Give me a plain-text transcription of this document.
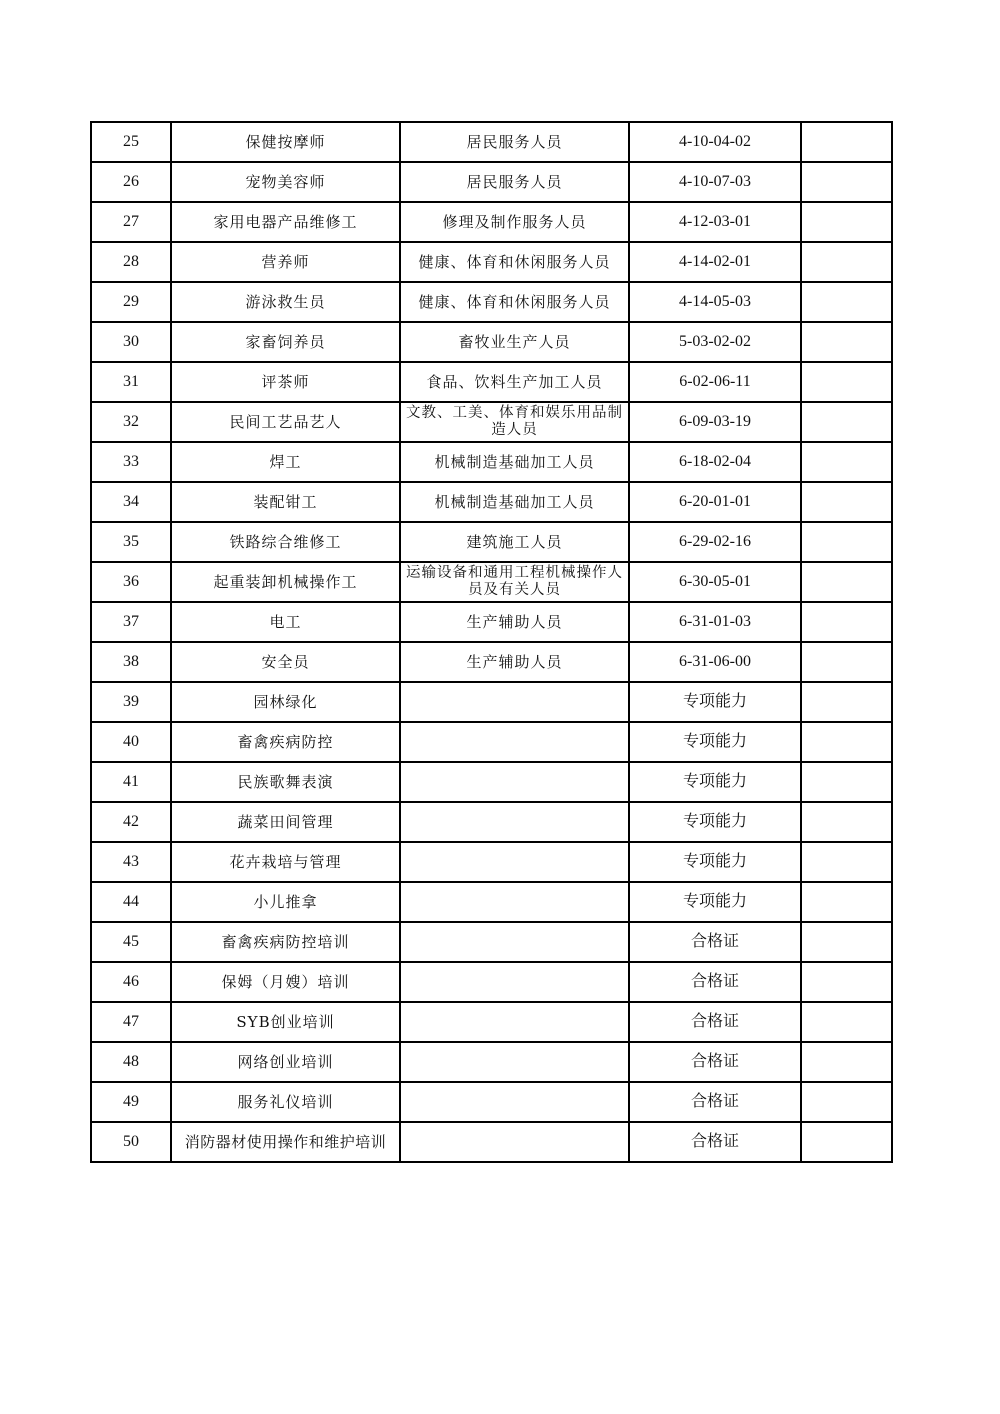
25	保健按摩师	居民服务人员	4-10-04-02	
26	宠物美容师	居民服务人员	4-10-07-03	
27	家用电器产品维修工	修理及制作服务人员	4-12-03-01	
28	营养师	健康、体育和休闲服务人员	4-14-02-01	
29	游泳救生员	健康、体育和休闲服务人员	4-14-05-03	
30	家畜饲养员	畜牧业生产人员	5-03-02-02	
31	评茶师	食品、饮料生产加工人员	6-02-06-11	
32	民间工艺品艺人	文教、工美、体育和娱乐用品制造人员	6-09-03-19	
33	焊工	机械制造基础加工人员	6-18-02-04	
34	装配钳工	机械制造基础加工人员	6-20-01-01	
35	铁路综合维修工	建筑施工人员	6-29-02-16	
36	起重装卸机械操作工	运输设备和通用工程机械操作人员及有关人员	6-30-05-01	
37	电工	生产辅助人员	6-31-01-03	
38	安全员	生产辅助人员	6-31-06-00	
39	园林绿化		专项能力	
40	畜禽疾病防控		专项能力	
41	民族歌舞表演		专项能力	
42	蔬菜田间管理		专项能力	
43	花卉栽培与管理		专项能力	
44	小儿推拿		专项能力	
45	畜禽疾病防控培训		合格证	
46	保姆（月嫂）培训		合格证	
47	SYB创业培训		合格证	
48	网络创业培训		合格证	
49	服务礼仪培训		合格证	
50	消防器材使用操作和维护培训		合格证	
